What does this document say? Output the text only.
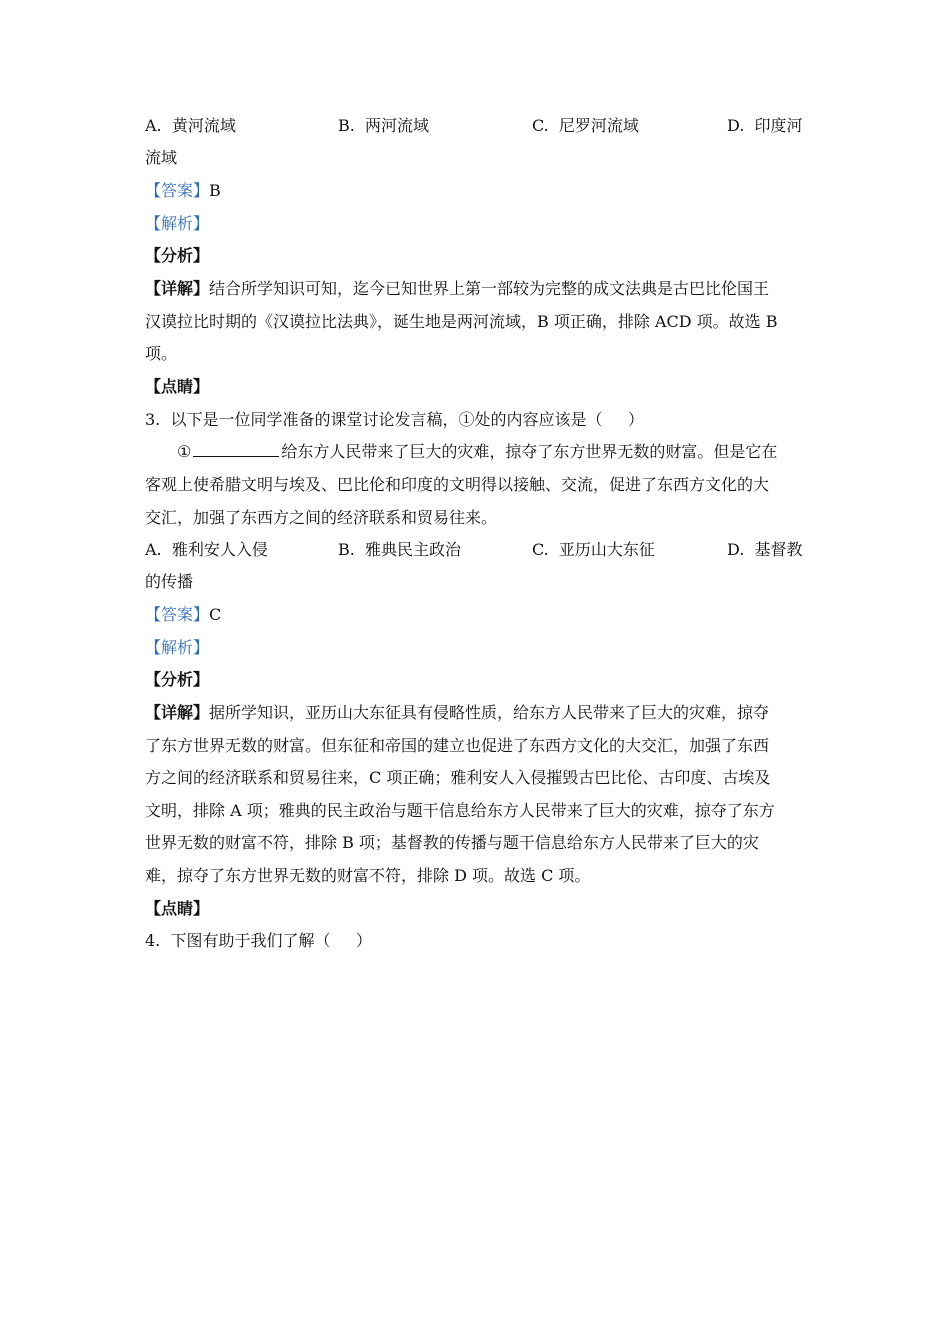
A.  黄河流域	B.  两河流域	C.  尼罗河流域	D.  印度河
流域
【答案】B
【解析】
【分析】
【详解】结合所学知识可知，迄今已知世界上第一部较为完整的成文法典是古巴比伦国王
汉谟拉比时期的《汉谟拉比法典》，诞生地是两河流域，B 项正确，排除 ACD 项。故选 B
项。
【点睛】
3.  以下是一位同学准备的课堂讨论发言稿，①处的内容应该是（     ）
①	给东方人民带来了巨大的灾难，掠夺了东方世界无数的财富。但是它在
客观上使希腊文明与埃及、巴比伦和印度的文明得以接触、交流，促进了东西方文化的大
交汇，加强了东西方之间的经济联系和贸易往来。
A.  雅利安人入侵	B.  雅典民主政治	C.  亚历山大东征	D.  基督教
的传播
【答案】C
【解析】
【分析】
【详解】据所学知识，亚历山大东征具有侵略性质，给东方人民带来了巨大的灾难，掠夺
了东方世界无数的财富。但东征和帝国的建立也促进了东西方文化的大交汇，加强了东西
方之间的经济联系和贸易往来，C 项正确；雅利安人入侵摧毁古巴比伦、古印度、古埃及
文明，排除 A 项；雅典的民主政治与题干信息给东方人民带来了巨大的灾难，掠夺了东方
世界无数的财富不符，排除 B 项；基督教的传播与题干信息给东方人民带来了巨大的灾
难，掠夺了东方世界无数的财富不符，排除 D 项。故选 C 项。
【点睛】
4.  下图有助于我们了解（     ）
